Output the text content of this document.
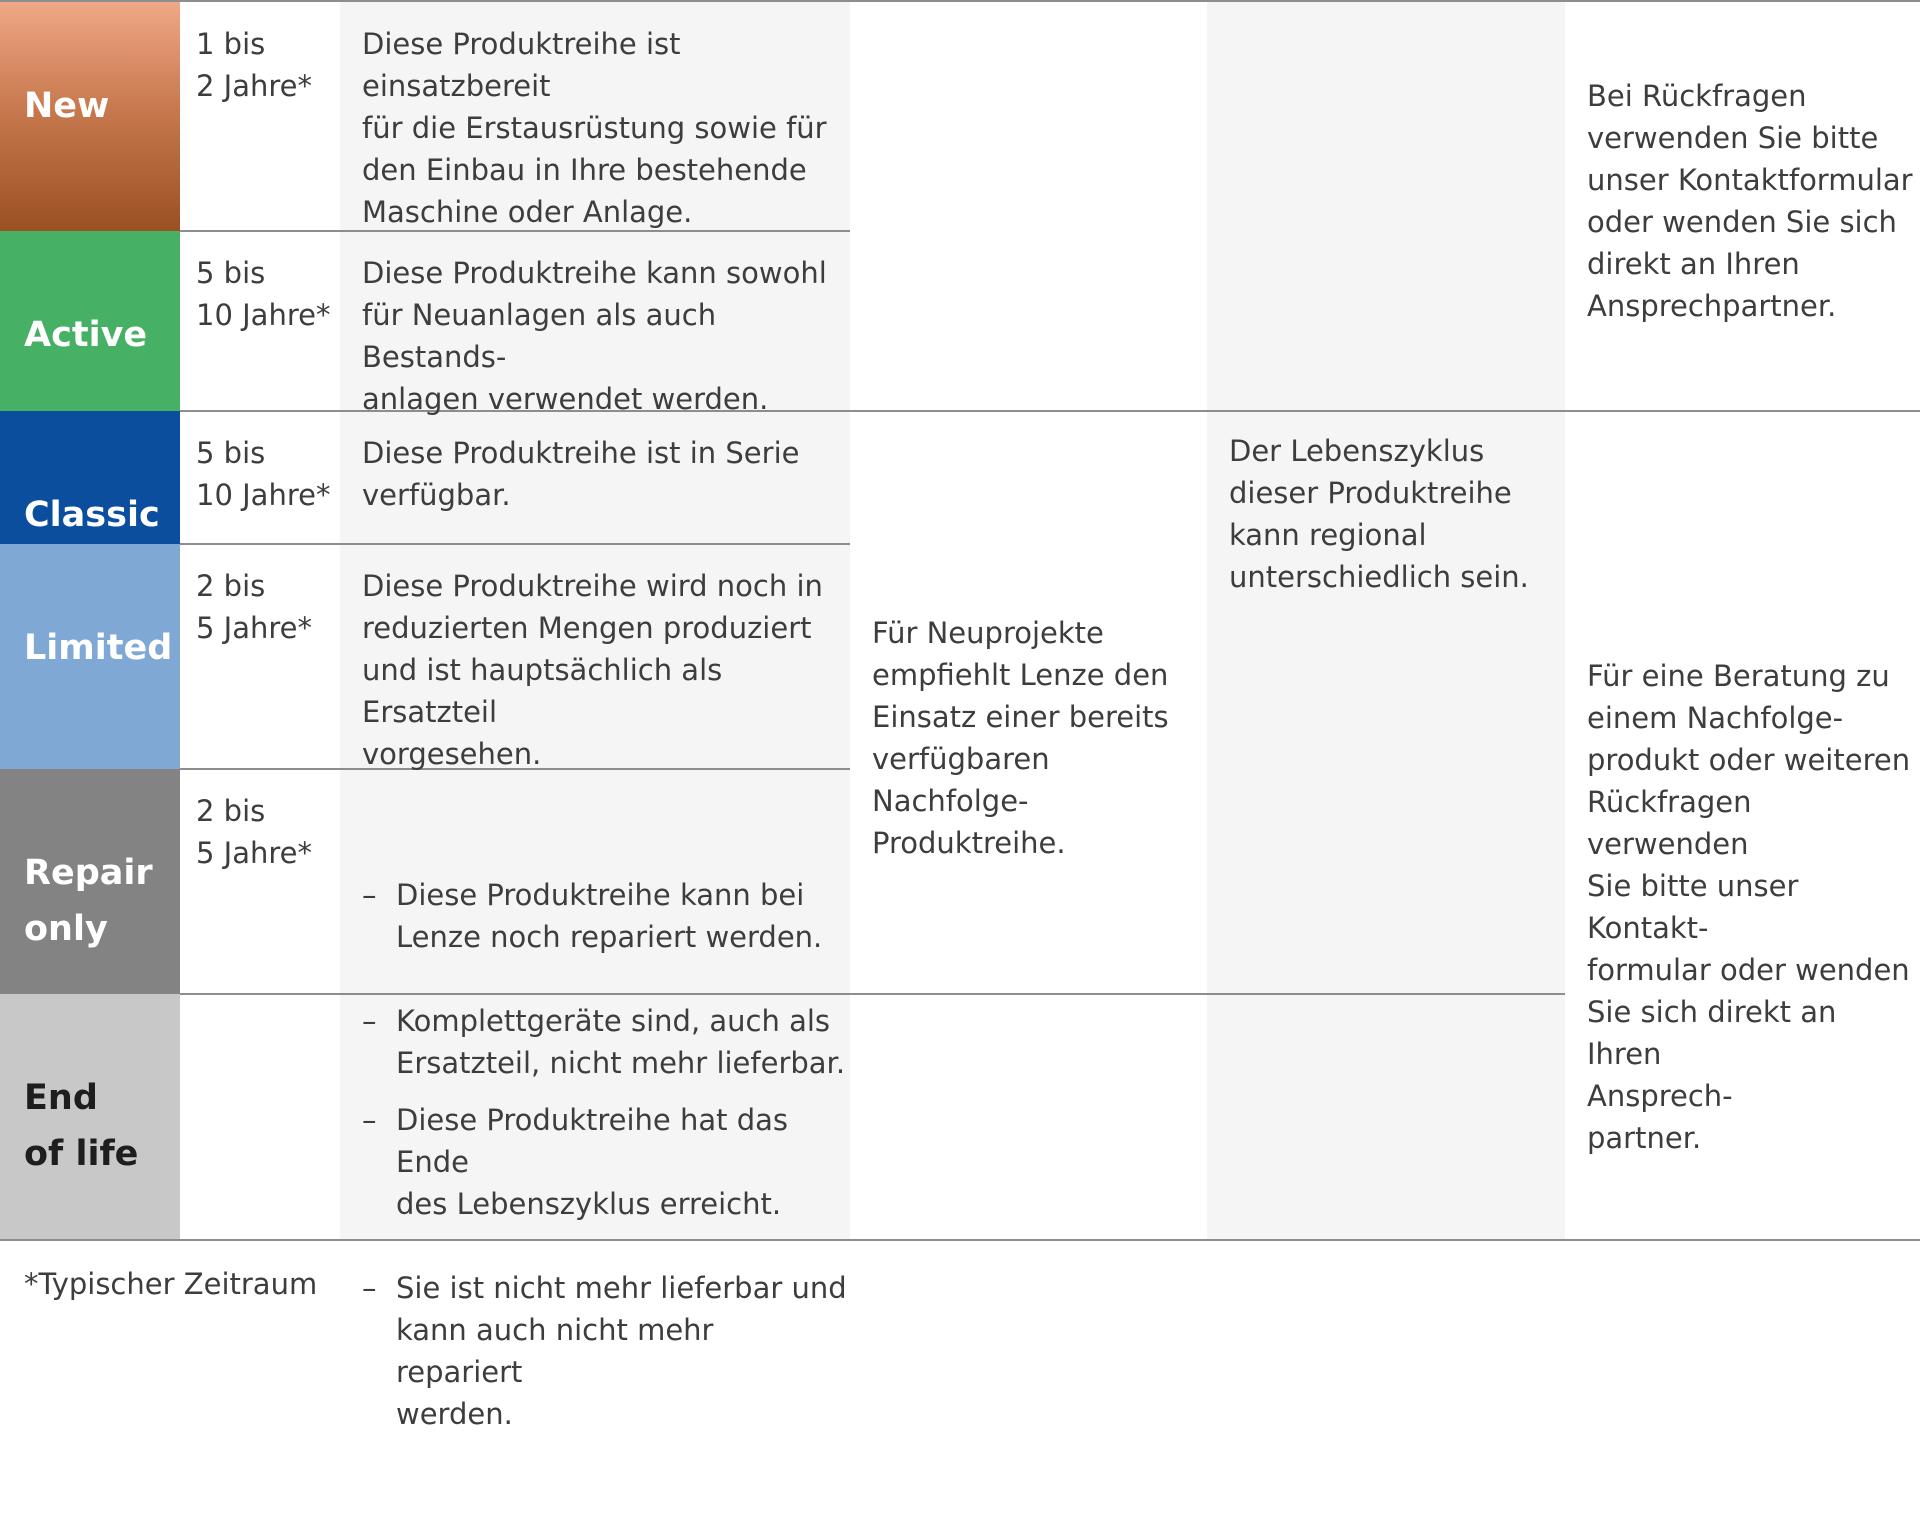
New

Active

Classic

Limited

Repair
only

End
of life

1 bis
2 Jahre*
5 bis
10 Jahre*
5 bis
10 Jahre*
2 bis
5 Jahre*
2 bis
5 Jahre*
Diese Produktreihe ist einsatzbereit
für die Erstausrüstung sowie für
den Einbau in Ihre bestehende
Maschine oder Anlage.
Diese Produktreihe kann sowohl
für Neuanlagen als auch Bestands-
anlagen verwendet werden.
Diese Produktreihe ist in Serie
verfügbar.
Diese Produktreihe wird noch in
reduzierten Mengen produziert
und ist hauptsächlich als Ersatzteil
vorgesehen.

– Diese Produktreihe kann bei
Lenze noch repariert werden.

– Komplettgeräte sind, auch als
Ersatzteil, nicht mehr lieferbar.

– Diese Produktreihe hat das Ende
des Lebenszyklus erreicht.

– Sie ist nicht mehr lieferbar und
kann auch nicht mehr repariert
werden.

Für Neuprojekte
empfiehlt Lenze den
Einsatz einer bereits
verfügbaren Nachfolge-
Produktreihe.
Der Lebenszyklus
dieser Produktreihe
kann regional
unterschiedlich sein.
Bei Rückfragen
verwenden Sie bitte
unser Kontaktformular
oder wenden Sie sich
direkt an Ihren
Ansprechpartner.
Für eine Beratung zu
einem Nachfolge-
produkt oder weiteren
Rückfragen verwenden
Sie bitte unser Kontakt-
formular oder wenden
Sie sich direkt an Ihren
Ansprech-
partner.
*Typischer Zeitraum
